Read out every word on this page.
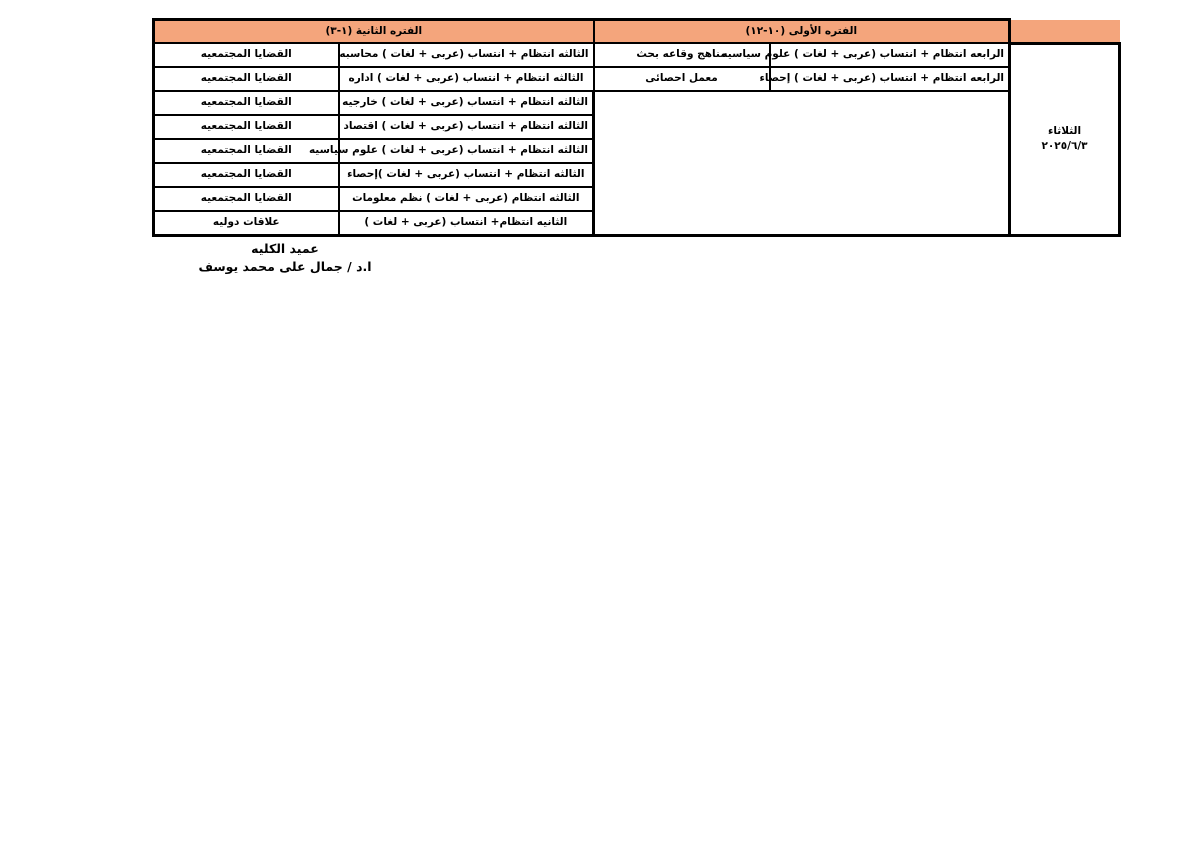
	الفتره الأولى (١٠-١٢)		الفتره الثانية (١-٣)	

الثلاثاء
٢٠٢٥/٦/٣	الرابعه انتظام + انتساب (عربى + لغات ) علوم سياسيه	مناهج وقاعه بحث	الثالثه انتظام + انتساب (عربى + لغات ) محاسبه	القضايا المجتمعيه
	الرابعه انتظام + انتساب (عربى + لغات ) إحصاء	معمل احصائى	الثالثه انتظام + انتساب (عربى + لغات ) اداره	القضايا المجتمعيه
			الثالثه انتظام + انتساب (عربى + لغات ) خارجيه	القضايا المجتمعيه
			الثالثه انتظام + انتساب (عربى + لغات ) اقتصاد	القضايا المجتمعيه
			الثالثه انتظام + انتساب (عربى + لغات ) علوم سياسيه	القضايا المجتمعيه
			الثالثه انتظام + انتساب (عربى + لغات )إحصاء	القضايا المجتمعيه
			الثالثه انتظام (عربى + لغات ) نظم معلومات	القضايا المجتمعيه
			الثانيه انتظام+ انتساب (عربى + لغات )	علاقات دوليه
عميد الكليه
ا.د / جمال على محمد يوسف
